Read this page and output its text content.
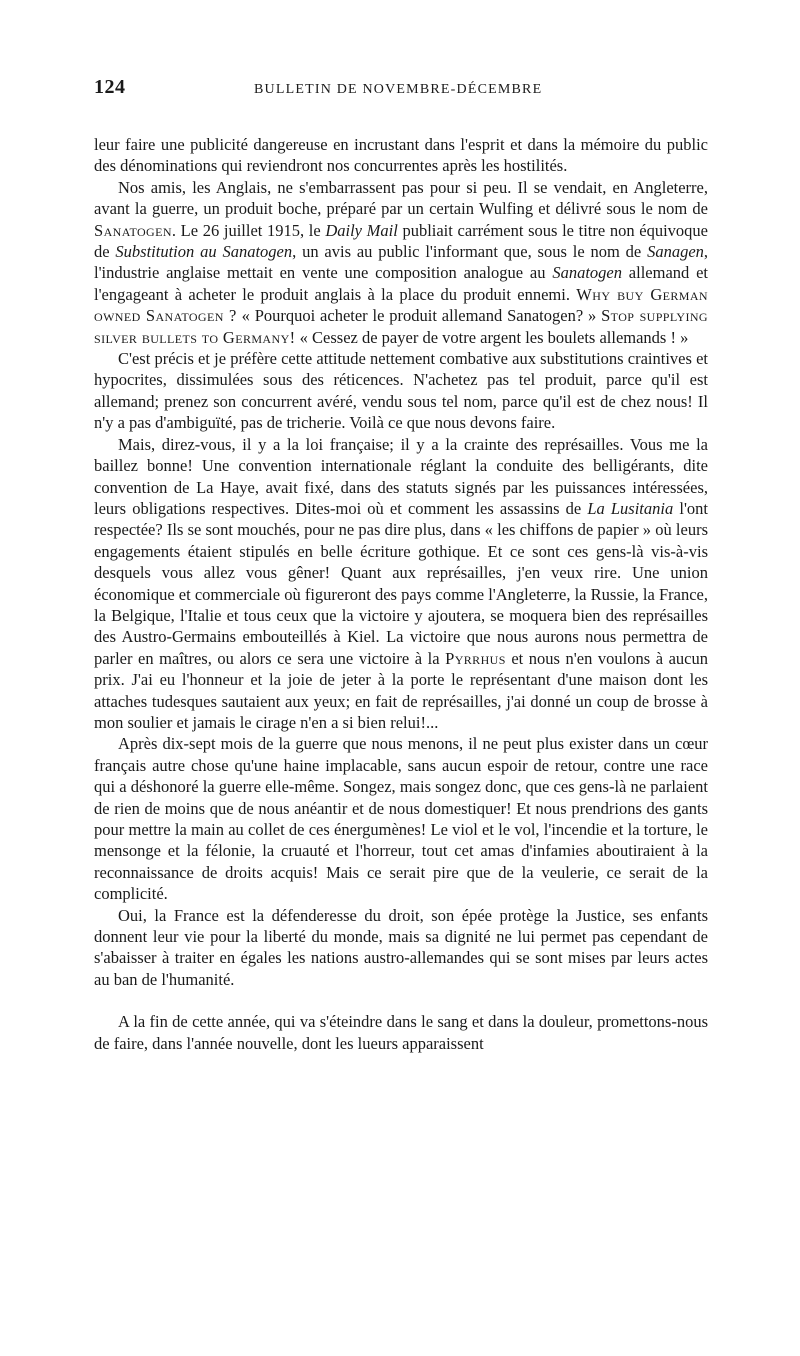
124	BULLETIN DE NOVEMBRE-DÉCEMBRE

leur faire une publicité dangereuse en incrustant dans l'esprit et dans la mémoire du public des dénominations qui reviendront nos concurrentes après les hostilités.

Nos amis, les Anglais, ne s'embarrassent pas pour si peu. Il se vendait, en Angleterre, avant la guerre, un produit boche, préparé par un certain Wulfing et délivré sous le nom de Sanatogen. Le 26 juillet 1915, le Daily Mail publiait carrément sous le titre non équivoque de Substitution au Sanatogen, un avis au public l'informant que, sous le nom de Sanagen, l'industrie anglaise mettait en vente une composition analogue au Sanatogen allemand et l'engageant à acheter le produit anglais à la place du produit ennemi. Why buy German owned Sanatogen ? « Pourquoi acheter le produit allemand Sanatogen? » Stop supplying silver bullets to Germany! « Cessez de payer de votre argent les boulets allemands ! »

C'est précis et je préfère cette attitude nettement combative aux substitutions craintives et hypocrites, dissimulées sous des réticences. N'achetez pas tel produit, parce qu'il est allemand; prenez son concurrent avéré, vendu sous tel nom, parce qu'il est de chez nous! Il n'y a pas d'ambiguïté, pas de tricherie. Voilà ce que nous devons faire.

Mais, direz-vous, il y a la loi française; il y a la crainte des représailles. Vous me la baillez bonne! Une convention internationale réglant la conduite des belligérants, dite convention de La Haye, avait fixé, dans des statuts signés par les puissances intéressées, leurs obligations respectives. Dites-moi où et comment les assassins de La Lusitania l'ont respectée? Ils se sont mouchés, pour ne pas dire plus, dans « les chiffons de papier » où leurs engagements étaient stipulés en belle écriture gothique. Et ce sont ces gens-là vis-à-vis desquels vous allez vous gêner! Quant aux représailles, j'en veux rire. Une union économique et commerciale où figureront des pays comme l'Angleterre, la Russie, la France, la Belgique, l'Italie et tous ceux que la victoire y ajoutera, se moquera bien des représailles des Austro-Germains embouteillés à Kiel. La victoire que nous aurons nous permettra de parler en maîtres, ou alors ce sera une victoire à la Pyrrhus et nous n'en voulons à aucun prix. J'ai eu l'honneur et la joie de jeter à la porte le représentant d'une maison dont les attaches tudesques sautaient aux yeux; en fait de représailles, j'ai donné un coup de brosse à mon soulier et jamais le cirage n'en a si bien relui!...

Après dix-sept mois de la guerre que nous menons, il ne peut plus exister dans un cœur français autre chose qu'une haine implacable, sans aucun espoir de retour, contre une race qui a déshonoré la guerre elle-même. Songez, mais songez donc, que ces gens-là ne parlaient de rien de moins que de nous anéantir et de nous domestiquer! Et nous prendrions des gants pour mettre la main au collet de ces énergumènes! Le viol et le vol, l'incendie et la torture, le mensonge et la félonie, la cruauté et l'horreur, tout cet amas d'infamies aboutiraient à la reconnaissance de droits acquis! Mais ce serait pire que de la veulerie, ce serait de la complicité.

Oui, la France est la défenderesse du droit, son épée protège la Justice, ses enfants donnent leur vie pour la liberté du monde, mais sa dignité ne lui permet pas cependant de s'abaisser à traiter en égales les nations austro-allemandes qui se sont mises par leurs actes au ban de l'humanité.

A la fin de cette année, qui va s'éteindre dans le sang et dans la douleur, promettons-nous de faire, dans l'année nouvelle, dont les lueurs apparaissent
